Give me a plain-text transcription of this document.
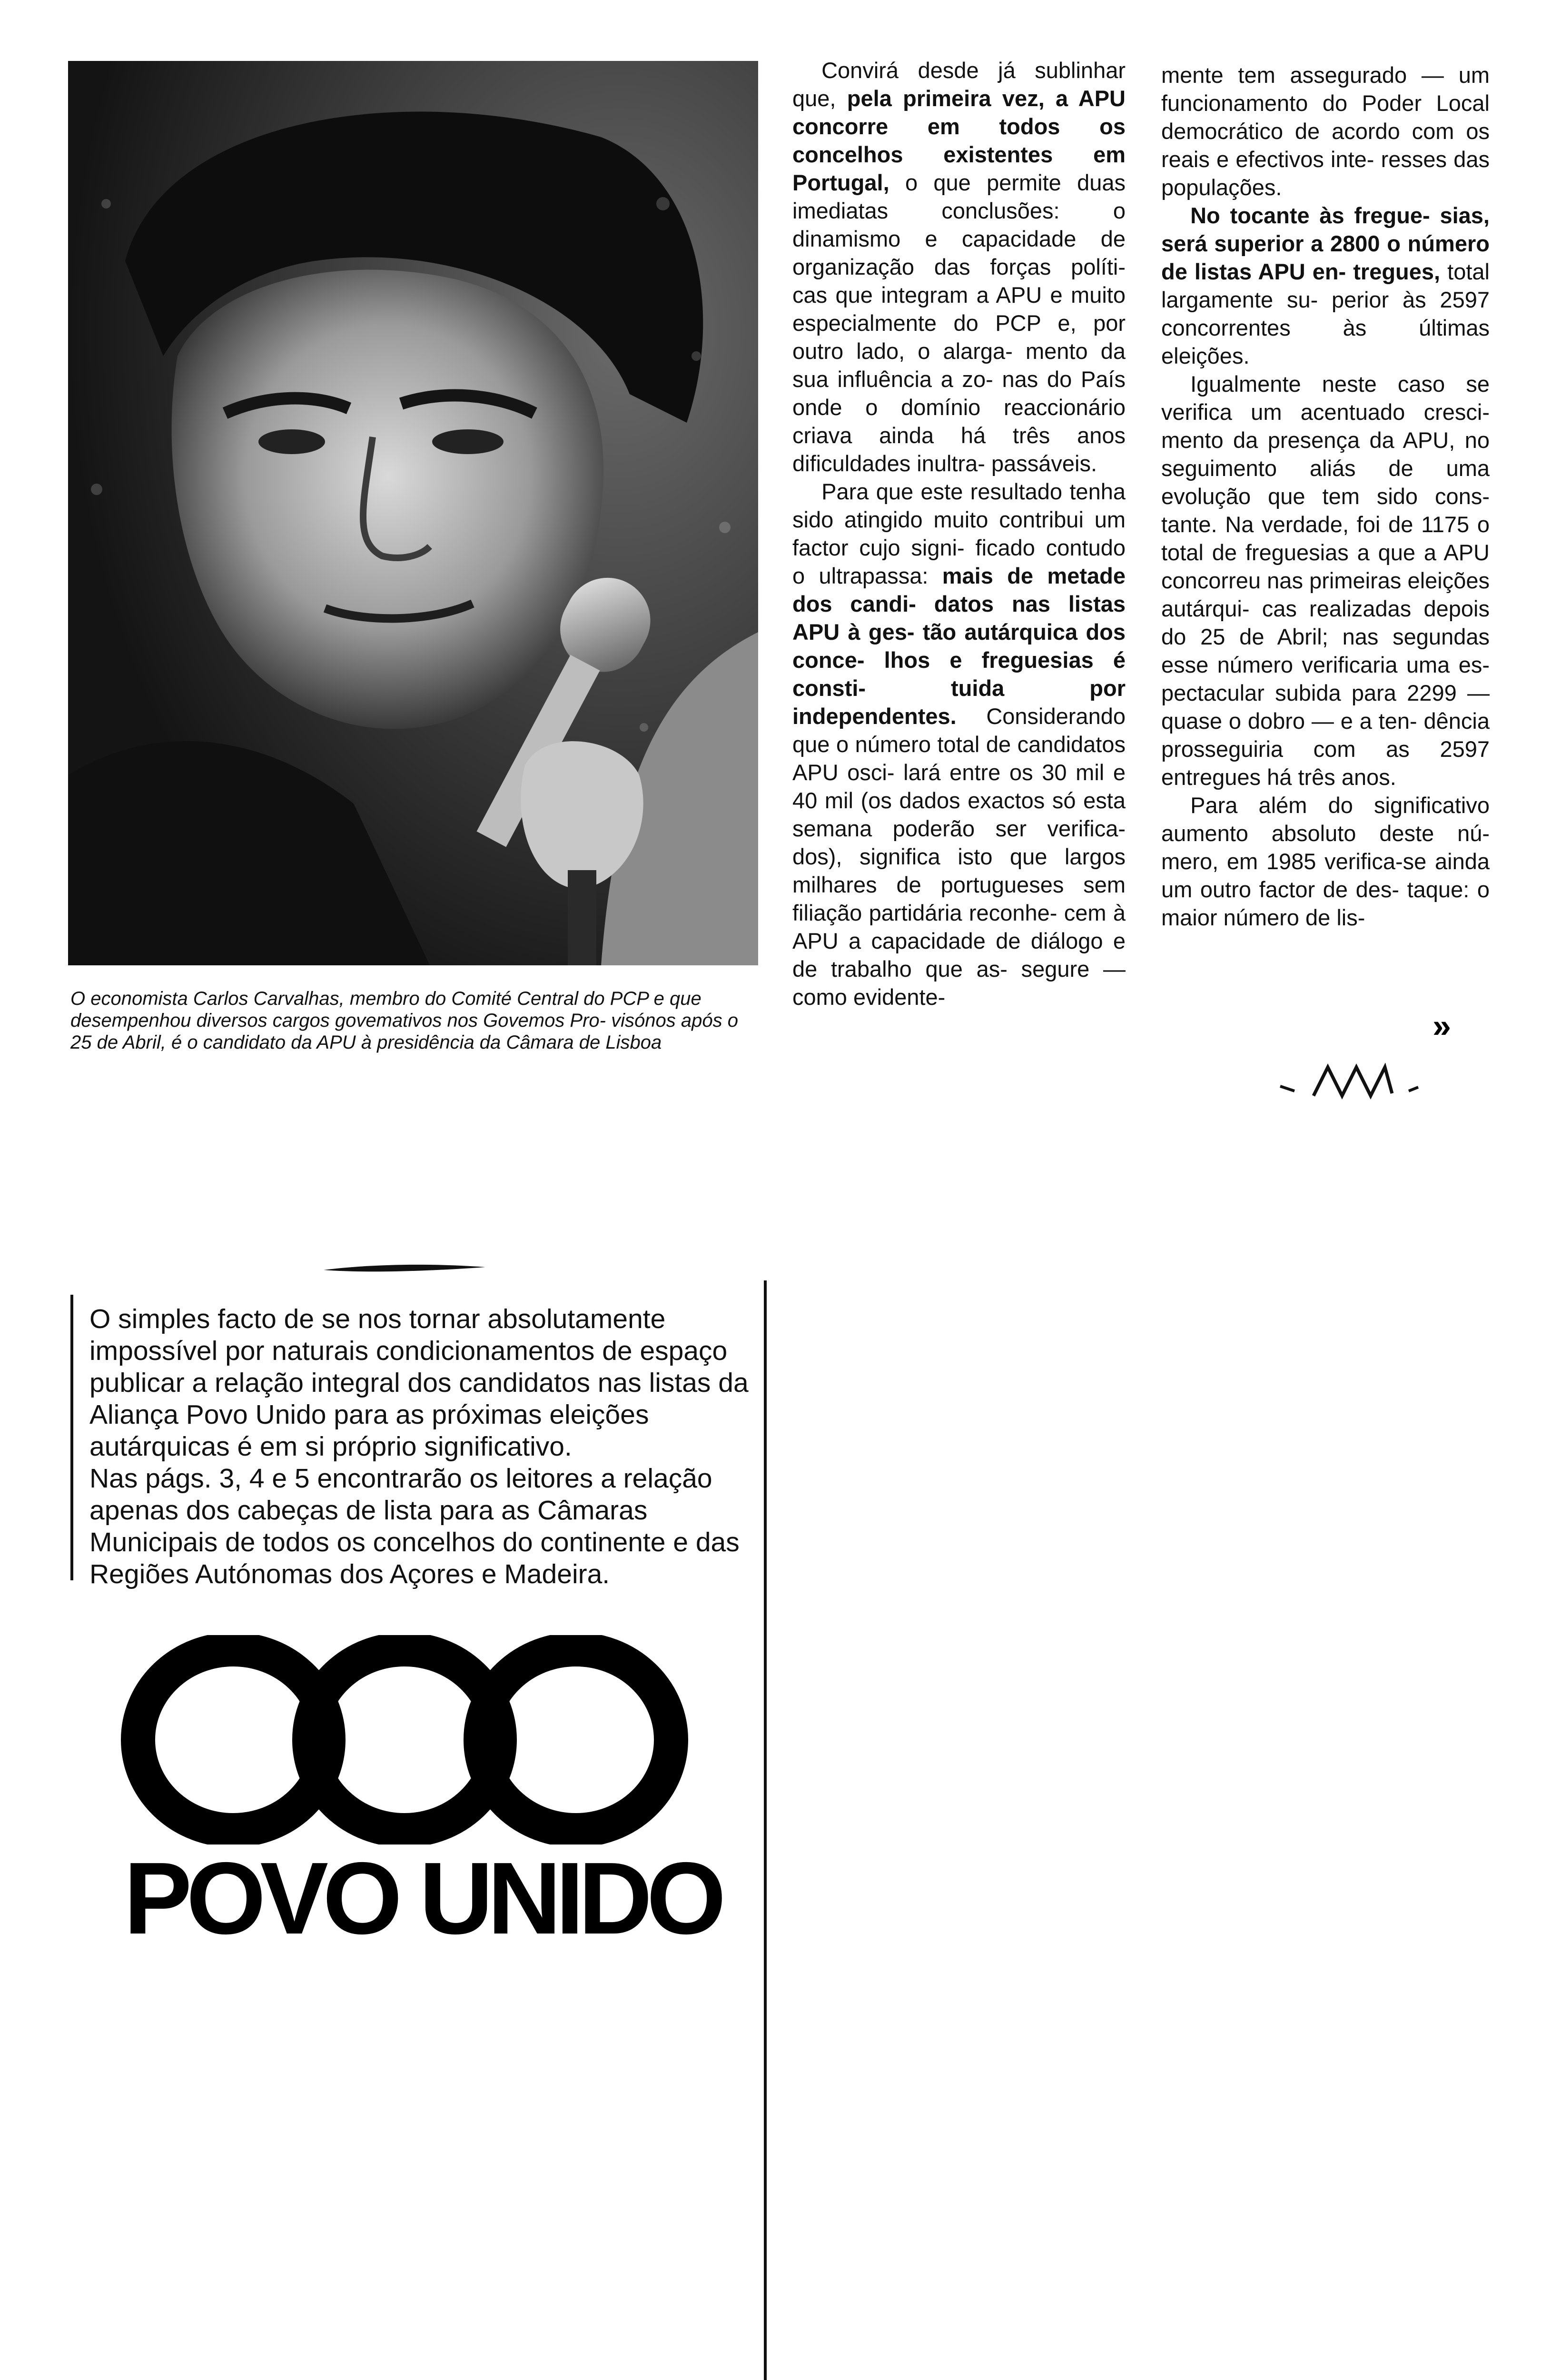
O economista Carlos Carvalhas, membro do Comité Central do PCP e que desempenhou diversos cargos govemativos nos Govemos Pro- visónos após o 25 de Abril, é o candidato da APU à presidência da Câmara de Lisboa

Convirá desde já sublinhar que, pela primeira vez, a APU concorre em todos os concelhos existentes em Portugal, o que permite duas imediatas conclusões: o dinamismo e capacidade de organização das forças políti- cas que integram a APU e muito especialmente do PCP e, por outro lado, o alarga- mento da sua influência a zo- nas do País onde o domínio reaccionário criava ainda há três anos dificuldades inultra- passáveis.

Para que este resultado tenha sido atingido muito contribui um factor cujo signi- ficado contudo o ultrapassa: mais de metade dos candi- datos nas listas APU à ges- tão autárquica dos conce- lhos e freguesias é consti- tuida por independentes. Considerando que o número total de candidatos APU osci- lará entre os 30 mil e 40 mil (os dados exactos só esta semana poderão ser verifica- dos), significa isto que largos milhares de portugueses sem filiação partidária reconhe- cem à APU a capacidade de diálogo e de trabalho que as- segure — como evidente-

mente tem assegurado — um funcionamento do Poder Local democrático de acordo com os reais e efectivos inte- resses das populações.

No tocante às fregue- sias, será superior a 2800 o número de listas APU en- tregues, total largamente su- perior às 2597 concorrentes às últimas eleições.

Igualmente neste caso se verifica um acentuado cresci- mento da presença da APU, no seguimento aliás de uma evolução que tem sido cons- tante. Na verdade, foi de 1175 o total de freguesias a que a APU concorreu nas primeiras eleições autárqui- cas realizadas depois do 25 de Abril; nas segundas esse número verificaria uma es- pectacular subida para 2299 — quase o dobro — e a ten- dência prosseguiria com as 2597 entregues há três anos.

Para além do significativo aumento absoluto deste nú- mero, em 1985 verifica-se ainda um outro factor de des- taque: o maior número de lis-

»

O simples facto de se nos tornar absolutamente impossível por naturais condicionamentos de espaço publicar a relação integral dos candidatos nas listas da Aliança Povo Unido para as próximas eleições autárquicas é em si próprio significativo.

Nas págs. 3, 4 e 5 encontrarão os leitores a relação apenas dos cabeças de lista para as Câmaras Municipais de todos os concelhos do continente e das Regiões Autónomas dos Açores e Madeira.

POVO UNIDO
